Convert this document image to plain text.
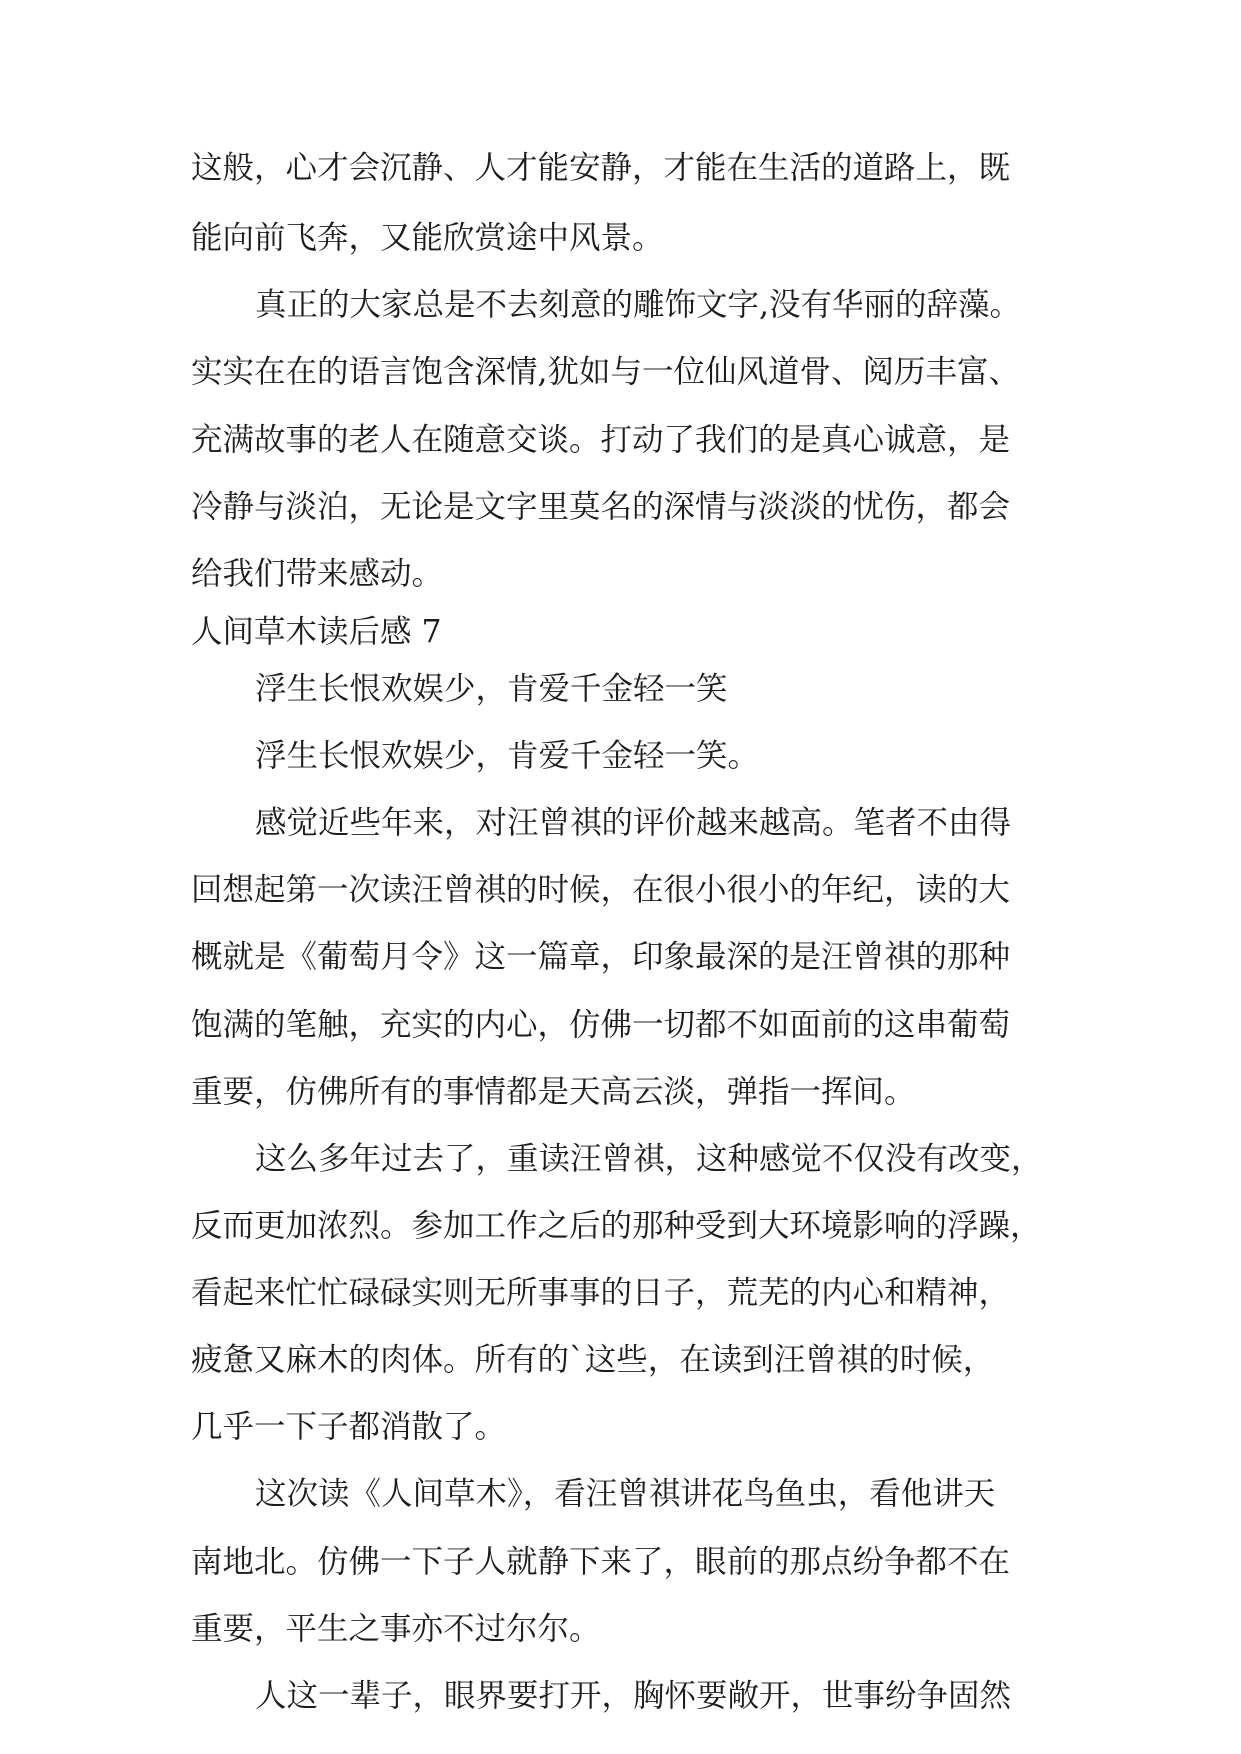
这般，心才会沉静、人才能安静，才能在生活的道路上，既
能向前飞奔，又能欣赏途中风景。
真正的大家总是不去刻意的雕饰文字,没有华丽的辞藻。
实实在在的语言饱含深情,犹如与一位仙风道骨、阅历丰富、
充满故事的老人在随意交谈。打动了我们的是真心诚意，是
冷静与淡泊，无论是文字里莫名的深情与淡淡的忧伤，都会
给我们带来感动。
人间草木读后感 7
浮生长恨欢娱少，肯爱千金轻一笑
浮生长恨欢娱少，肯爱千金轻一笑。
感觉近些年来，对汪曾祺的评价越来越高。笔者不由得
回想起第一次读汪曾祺的时候，在很小很小的年纪，读的大
概就是《葡萄月令》这一篇章，印象最深的是汪曾祺的那种
饱满的笔触，充实的内心，仿佛一切都不如面前的这串葡萄
重要，仿佛所有的事情都是天高云淡，弹指一挥间。
这么多年过去了，重读汪曾祺，这种感觉不仅没有改变，
反而更加浓烈。参加工作之后的那种受到大环境影响的浮躁，
看起来忙忙碌碌实则无所事事的日子，荒芜的内心和精神，
疲惫又麻木的肉体。所有的`这些，在读到汪曾祺的时候，
几乎一下子都消散了。
这次读《人间草木》，看汪曾祺讲花鸟鱼虫，看他讲天
南地北。仿佛一下子人就静下来了，眼前的那点纷争都不在
重要，平生之事亦不过尔尔。
人这一辈子，眼界要打开，胸怀要敞开，世事纷争固然
